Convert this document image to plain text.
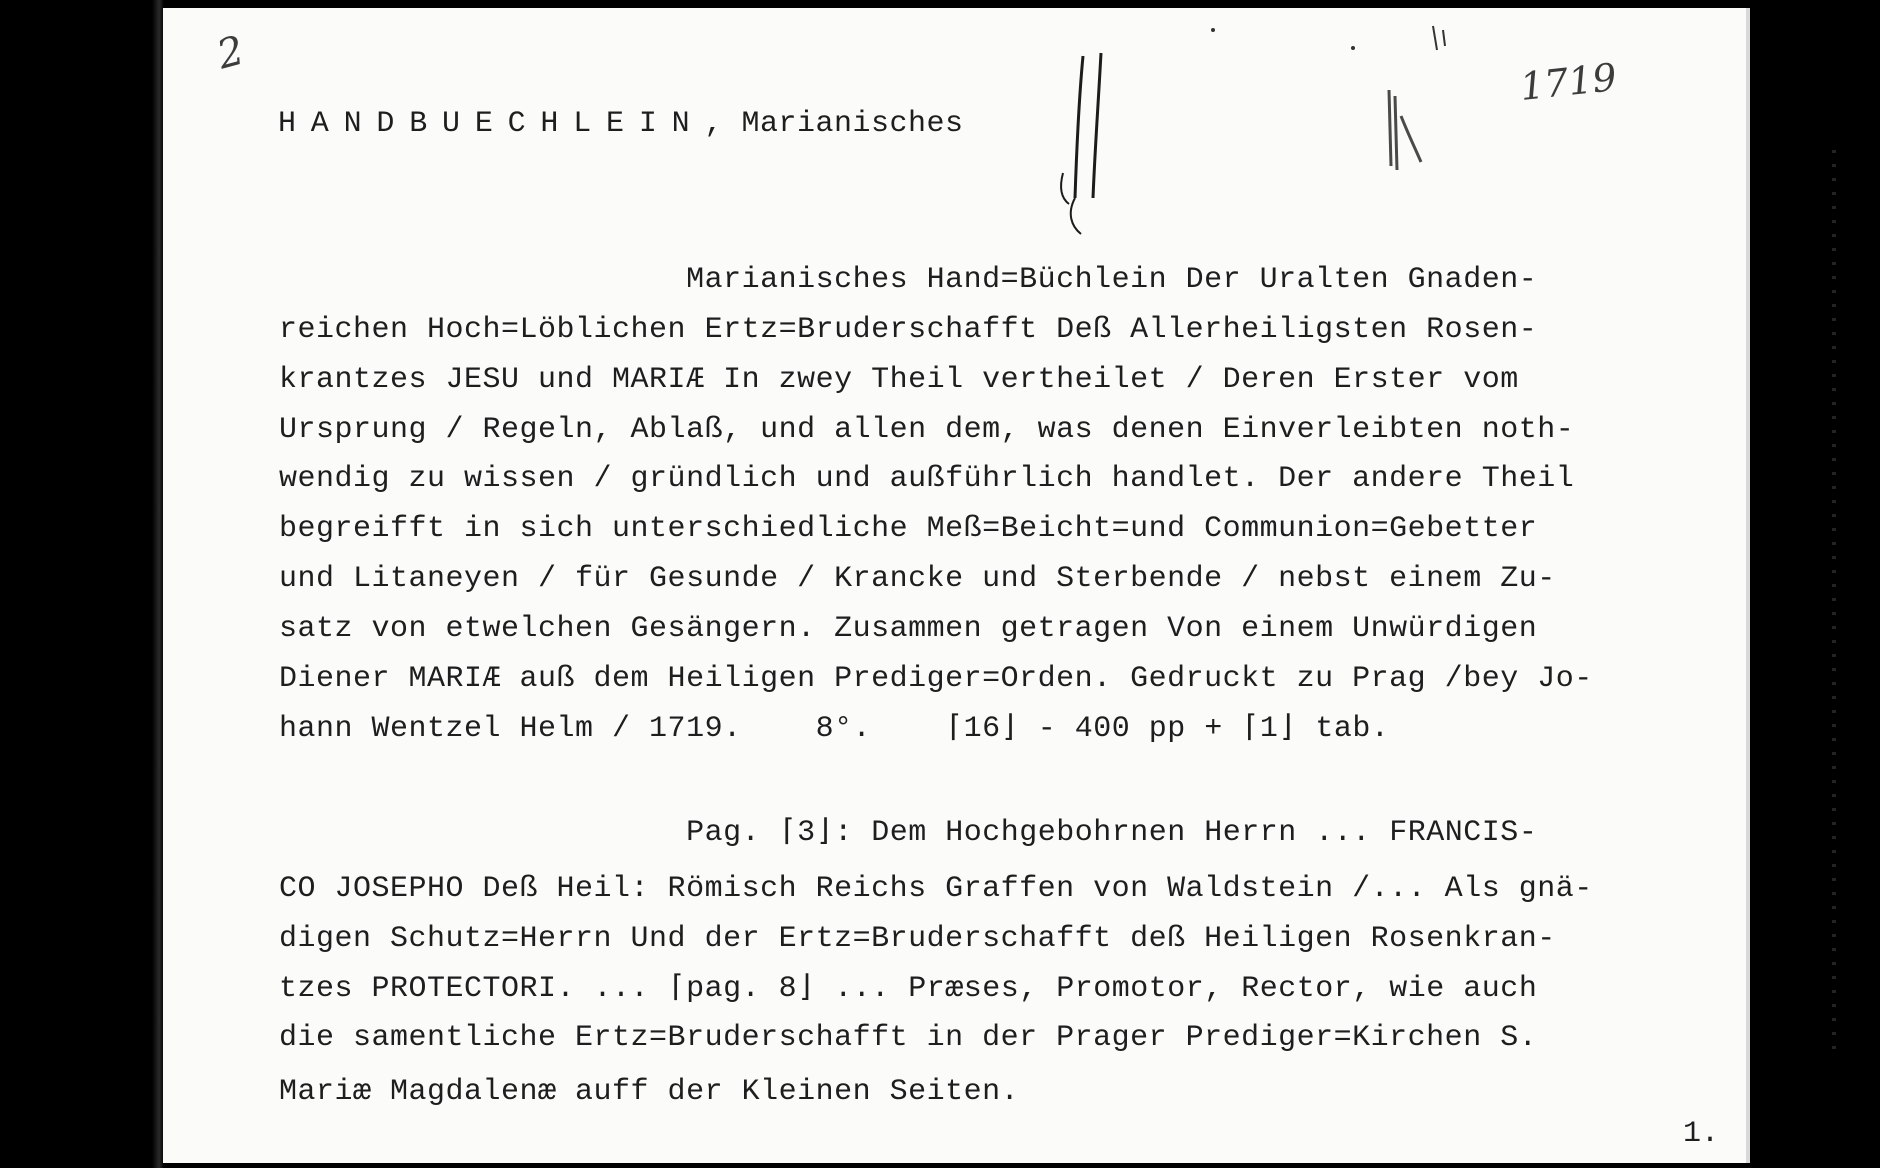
2
1719
HANDBUECHLEIN, Marianisches
Marianisches Hand=Büchlein Der Uralten Gnaden-
reichen Hoch=Löblichen Ertz=Bruderschafft Deß Allerheiligsten Rosen-
krantzes JESU und MARIÆ In zwey Theil vertheilet / Deren Erster vom
Ursprung / Regeln, Ablaß, und allen dem, was denen Einverleibten noth-
wendig zu wissen / gründlich und außführlich handlet. Der andere Theil
begreifft in sich unterschiedliche Meß=Beicht=und Communion=Gebetter
und Litaneyen / für Gesunde / Krancke und Sterbende / nebst einem Zu-
satz von etwelchen Gesängern. Zusammen getragen Von einem Unwürdigen
Diener MARIÆ auß dem Heiligen Prediger=Orden. Gedruckt zu Prag /bey Jo-
hann Wentzel Helm / 1719.    8°.    ⌈16⌋ - 400 pp + ⌈1⌋ tab.
Pag. ⌈3⌋: Dem Hochgebohrnen Herrn ... FRANCIS-
CO JOSEPHO Deß Heil: Römisch Reichs Graffen von Waldstein /... Als gnä-
digen Schutz=Herrn Und der Ertz=Bruderschafft deß Heiligen Rosenkran-
tzes PROTECTORI. ... ⌈pag. 8⌋ ... Præses, Promotor, Rector, wie auch
die samentliche Ertz=Bruderschafft in der Prager Prediger=Kirchen S.
Mariæ Magdalenæ auff der Kleinen Seiten.
1.
